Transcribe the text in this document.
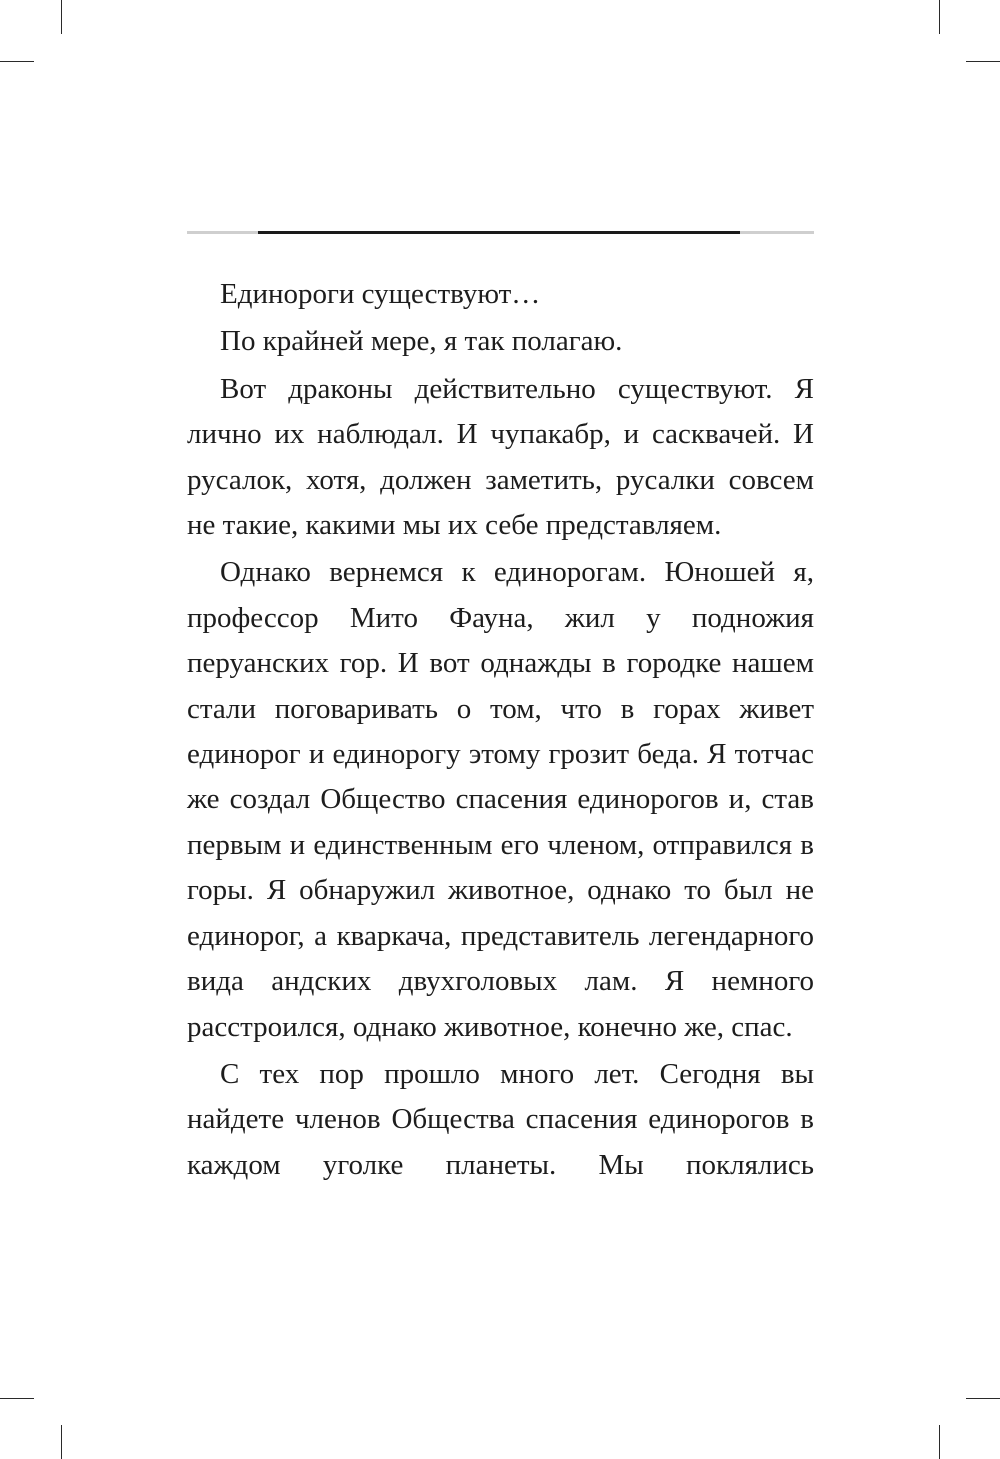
Единороги существуют…

По крайней мере, я так полагаю.

Вот драконы действительно существуют. Я лично их наблюдал. И чупакабр, и сасквачей. И русалок, хотя, должен заметить, русалки совсем не такие, какими мы их себе представляем.

Однако вернемся к единорогам. Юношей я, профессор Мито Фауна, жил у подножия перуанских гор. И вот однажды в городке нашем стали поговаривать о том, что в горах живет единорог и единорогу этому грозит беда. Я тотчас же создал Общество спасения единорогов и, став первым и единственным его членом, отправился в горы. Я обнаружил животное, однако то был не единорог, а кваркача, представитель легендарного вида андских двухголовых лам. Я немного расстроился, однако животное, конечно же, спас.

С тех пор прошло много лет. Сегодня вы найдете членов Общества спасения единорогов в каждом уголке планеты. Мы поклялись
